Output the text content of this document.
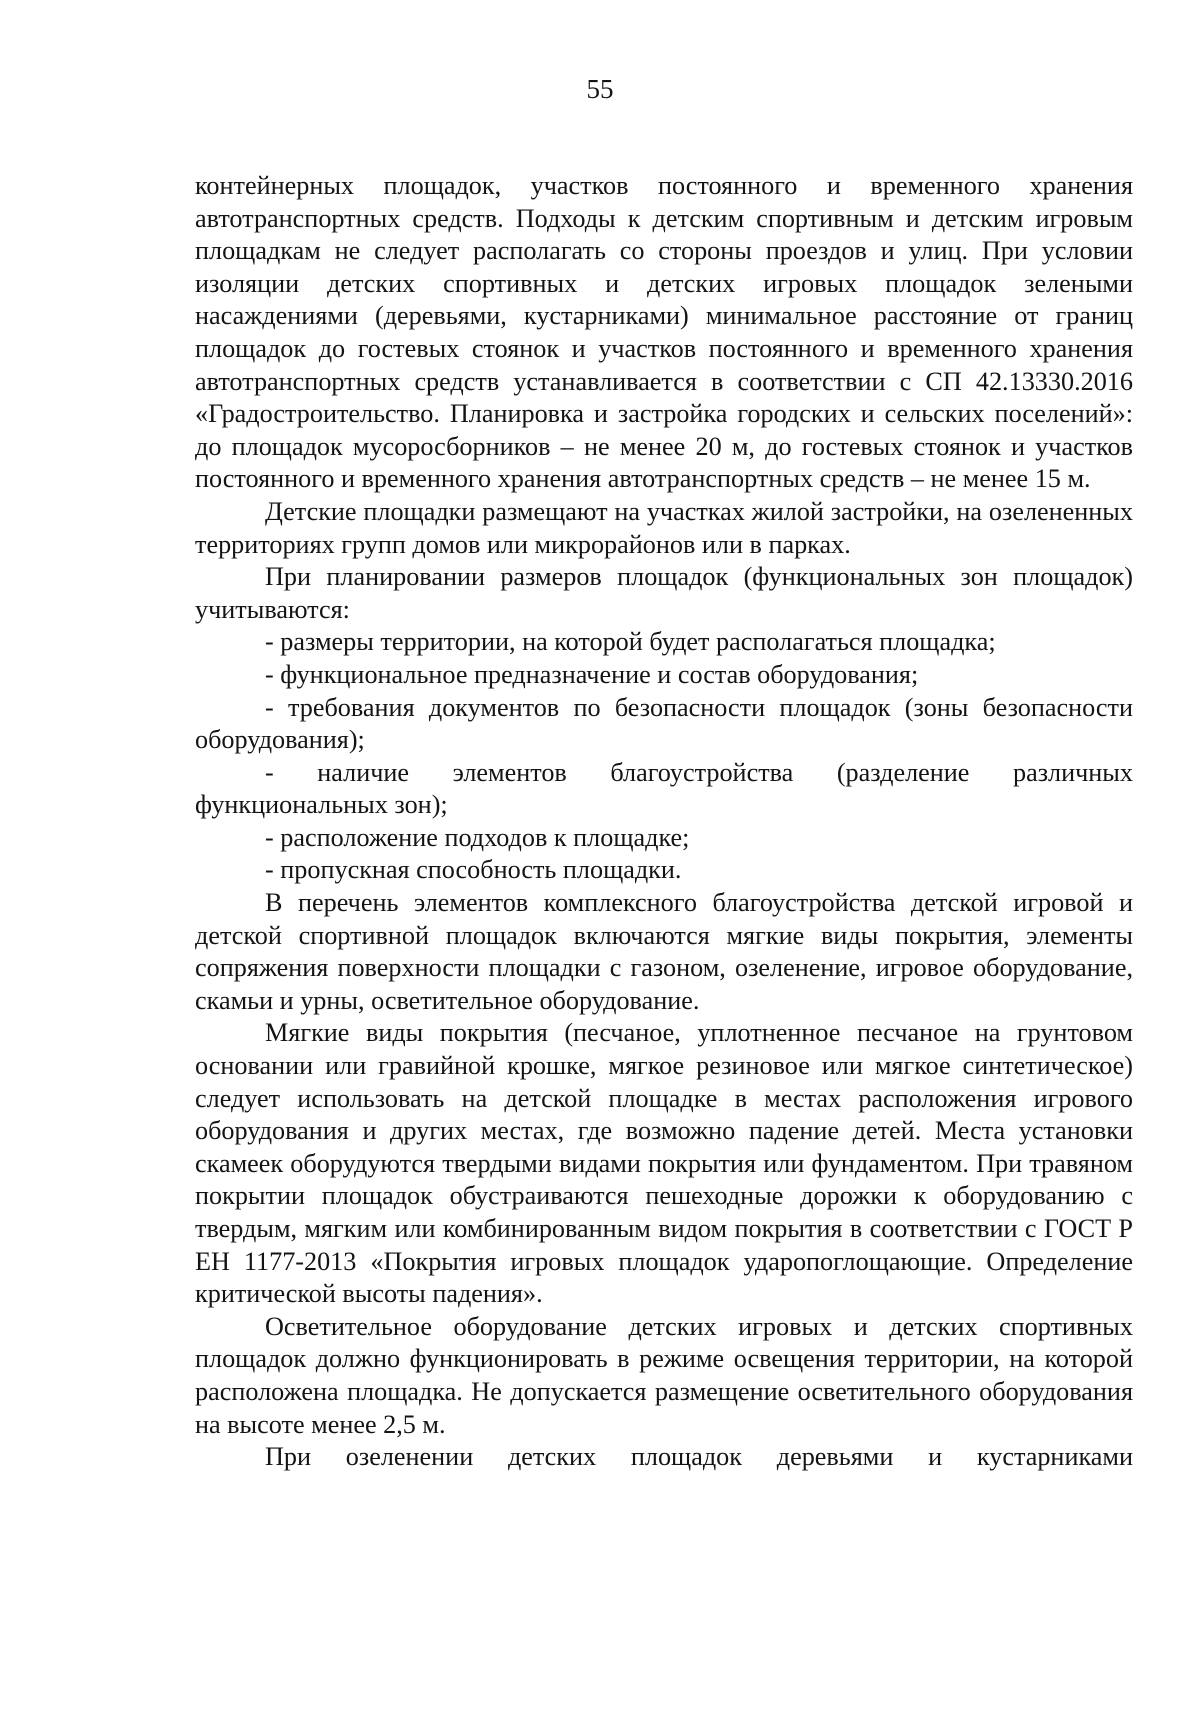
55

контейнерных площадок, участков постоянного и временного хранения автотранспортных средств. Подходы к детским спортивным и детским игровым площадкам не следует располагать со стороны проездов и улиц. При условии изоляции детских спортивных и детских игровых площадок зелеными насаждениями (деревьями, кустарниками) минимальное расстояние от границ площадок до гостевых стоянок и участков постоянного и временного хранения автотранспортных средств устанавливается в соответствии с СП 42.13330.2016 «Градостроительство. Планировка и застройка городских и сельских поселений»: до площадок мусоросборников – не менее 20 м, до гостевых стоянок и участков постоянного и временного хранения автотранспортных средств – не менее 15 м.

Детские площадки размещают на участках жилой застройки, на озелененных территориях групп домов или микрорайонов или в парках.

При планировании размеров площадок (функциональных зон площадок) учитываются:

- размеры территории, на которой будет располагаться площадка;

- функциональное предназначение и состав оборудования;

- требования документов по безопасности площадок (зоны безопасности оборудования);

- наличие элементов благоустройства (разделение различных функциональных зон);

- расположение подходов к площадке;

- пропускная способность площадки.

В перечень элементов комплексного благоустройства детской игровой и детской спортивной площадок включаются мягкие виды покрытия, элементы сопряжения поверхности площадки с газоном, озеленение, игровое оборудование, скамьи и урны, осветительное оборудование.

Мягкие виды покрытия (песчаное, уплотненное песчаное на грунтовом основании или гравийной крошке, мягкое резиновое или мягкое синтетическое) следует использовать на детской площадке в местах расположения игрового оборудования и других местах, где возможно падение детей. Места установки скамеек оборудуются твердыми видами покрытия или фундаментом. При травяном покрытии площадок обустраиваются пешеходные дорожки к оборудованию с твердым, мягким или комбинированным видом покрытия в соответствии с ГОСТ Р ЕН 1177-2013 «Покрытия игровых площадок ударопоглощающие. Определение критической высоты падения».

Осветительное оборудование детских игровых и детских спортивных площадок должно функционировать в режиме освещения территории, на которой расположена площадка. Не допускается размещение осветительного оборудования на высоте менее 2,5 м.

При озеленении детских площадок деревьями и кустарниками
